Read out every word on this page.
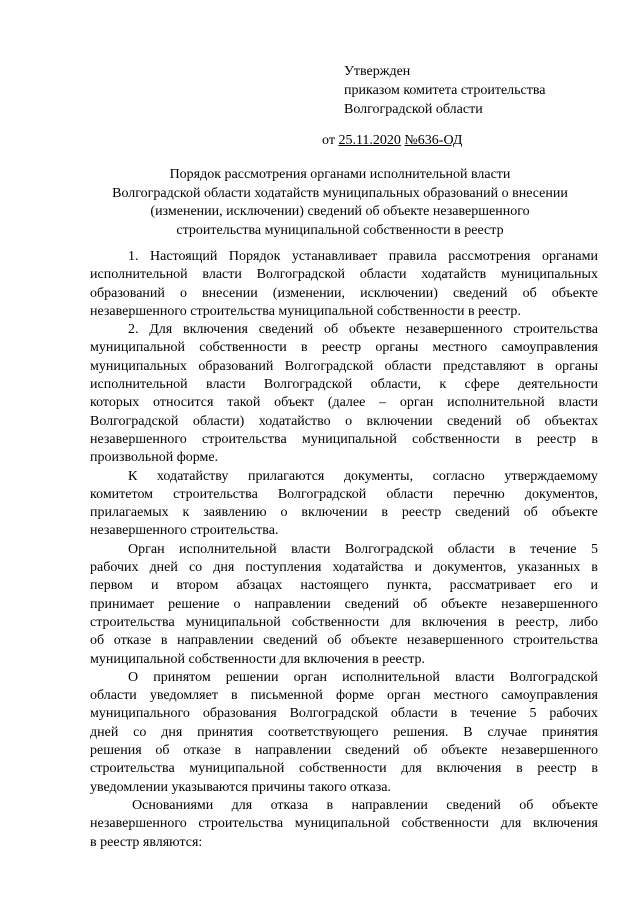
Утвержден
приказом комитета строительства
Волгоградской области
от 25.11.2020 №636-ОД
Порядок рассмотрения органами исполнительной власти
Волгоградской области ходатайств муниципальных образований о внесении
(изменении, исключении) сведений об объекте незавершенного
строительства муниципальной собственности в реестр
1. Настоящий Порядок устанавливает правила рассмотрения органами
исполнительной власти Волгоградской области ходатайств муниципальных
образований о внесении (изменении, исключении) сведений об объекте
незавершенного строительства муниципальной собственности в реестр.
2. Для включения сведений об объекте незавершенного строительства
муниципальной собственности в реестр органы местного самоуправления
муниципальных образований Волгоградской области представляют в органы
исполнительной власти Волгоградской области, к сфере деятельности
которых относится такой объект (далее – орган исполнительной власти
Волгоградской области) ходатайство о включении сведений об объектах
незавершенного строительства муниципальной собственности в реестр в
произвольной форме.
К ходатайству прилагаются документы, согласно утверждаемому
комитетом строительства Волгоградской области перечню документов,
прилагаемых к заявлению о включении в реестр сведений об объекте
незавершенного строительства.
Орган исполнительной власти Волгоградской области в течение 5
рабочих дней со дня поступления ходатайства и документов, указанных в
первом и втором абзацах настоящего пункта, рассматривает его и
принимает решение о направлении сведений об объекте незавершенного
строительства муниципальной собственности для включения в реестр, либо
об отказе в направлении сведений об объекте незавершенного строительства
муниципальной собственности для включения в реестр.
О принятом решении орган исполнительной власти Волгоградской
области уведомляет в письменной форме орган местного самоуправления
муниципального образования Волгоградской области в течение 5 рабочих
дней со дня принятия соответствующего решения. В случае принятия
решения об отказе в направлении сведений об объекте незавершенного
строительства муниципальной собственности для включения в реестр в
уведомлении указываются причины такого отказа.
Основаниями для отказа в направлении сведений об объекте
незавершенного строительства муниципальной собственности для включения
в реестр являются:
